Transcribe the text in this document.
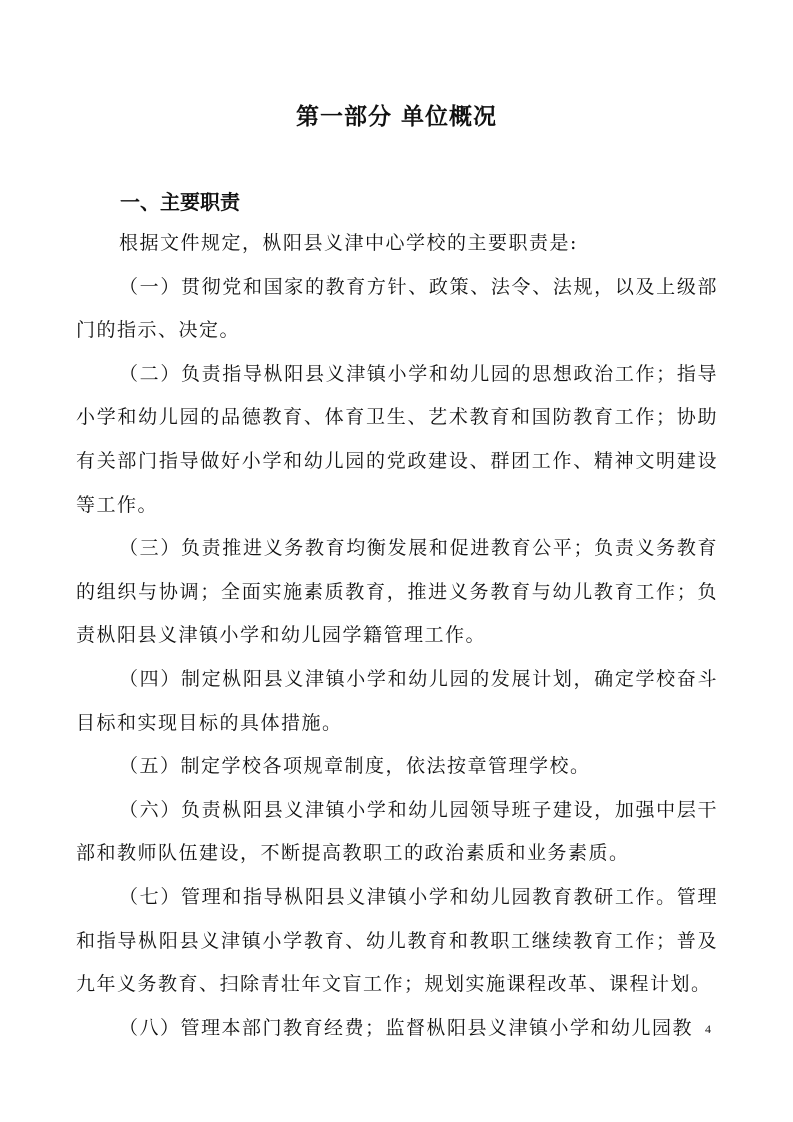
第一部分 单位概况
一、主要职责

根据文件规定，枞阳县义津中心学校的主要职责是:

（一）贯彻党和国家的教育方针、政策、法令、法规，以及上级部门的指示、决定。

（二）负责指导枞阳县义津镇小学和幼儿园的思想政治工作；指导小学和幼儿园的品德教育、体育卫生、艺术教育和国防教育工作；协助有关部门指导做好小学和幼儿园的党政建设、群团工作、精神文明建设等工作。

（三）负责推进义务教育均衡发展和促进教育公平；负责义务教育的组织与协调；全面实施素质教育，推进义务教育与幼儿教育工作；负责枞阳县义津镇小学和幼儿园学籍管理工作。

（四）制定枞阳县义津镇小学和幼儿园的发展计划，确定学校奋斗目标和实现目标的具体措施。

（五）制定学校各项规章制度，依法按章管理学校。

（六）负责枞阳县义津镇小学和幼儿园领导班子建设，加强中层干部和教师队伍建设，不断提高教职工的政治素质和业务素质。

（七）管理和指导枞阳县义津镇小学和幼儿园教育教研工作。管理和指导枞阳县义津镇小学教育、幼儿教育和教职工继续教育工作；普及九年义务教育、扫除青壮年文盲工作；规划实施课程改革、课程计划。

（八）管理本部门教育经费；监督枞阳县义津镇小学和幼儿园教 4
